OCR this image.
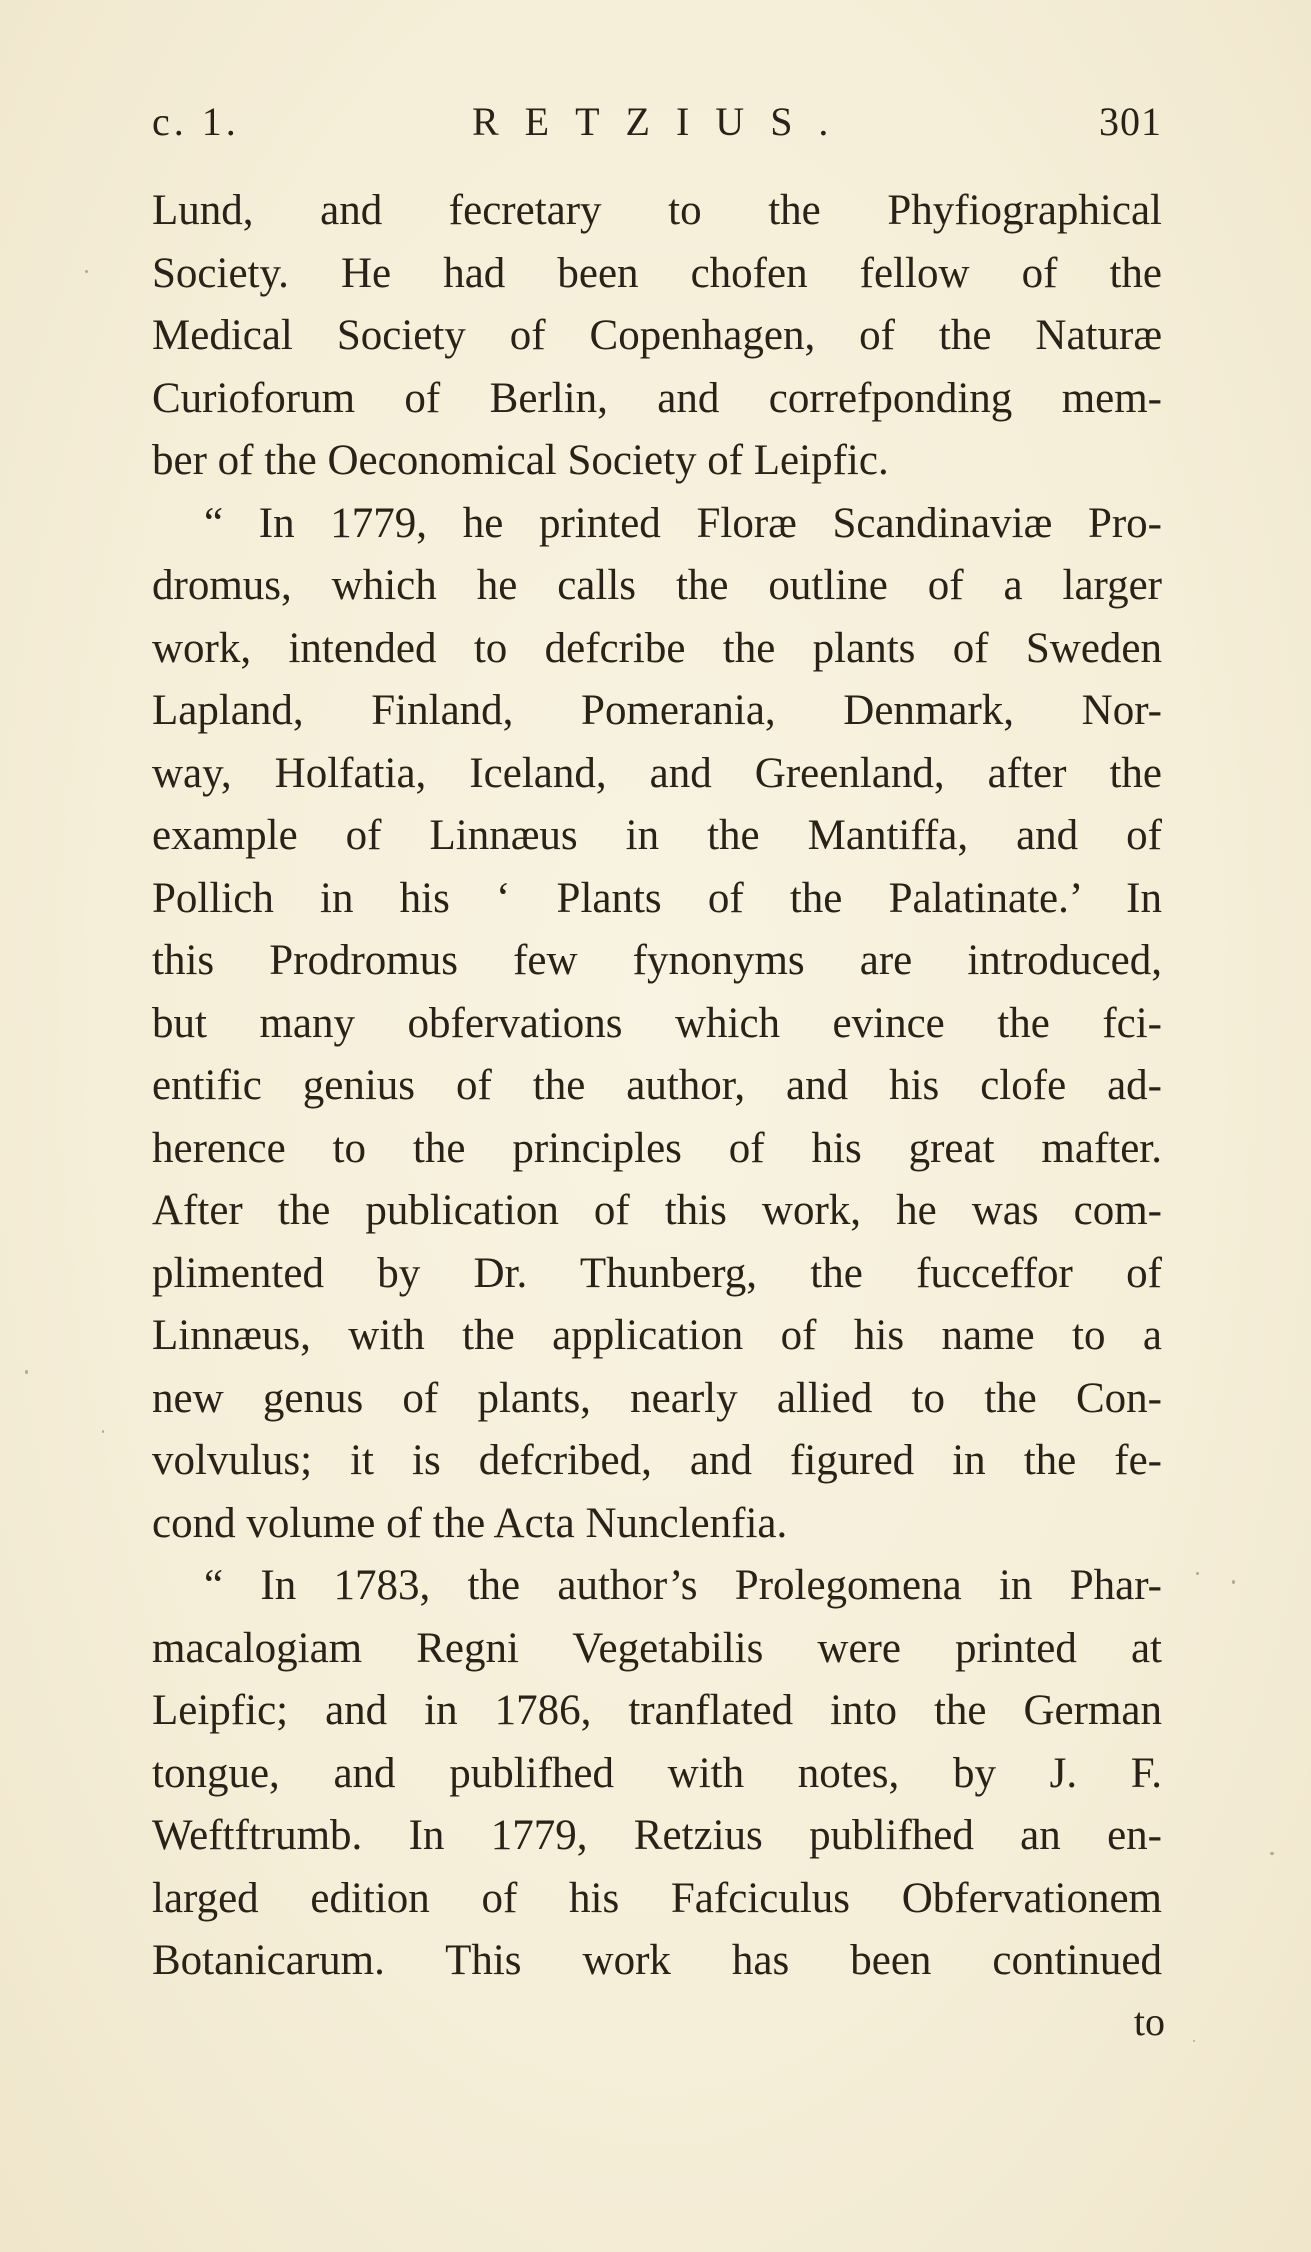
c. 1.	RETZIUS.	301
Lund, and fecretary to the Phyfiographical
Society. He had been chofen fellow of the
Medical Society of Copenhagen, of the Naturæ
Curioforum of Berlin, and correfponding mem-
ber of the Oeconomical Society of Leipfic.
“ In 1779, he printed Floræ Scandinaviæ Pro-
dromus, which he calls the outline of a larger
work, intended to defcribe the plants of Sweden
Lapland, Finland, Pomerania, Denmark, Nor-
way, Holfatia, Iceland, and Greenland, after the
example of Linnæus in the Mantiffa, and of
Pollich in his ‘ Plants of the Palatinate.’ In
this Prodromus few fynonyms are introduced,
but many obfervations which evince the fci-
entific genius of the author, and his clofe ad-
herence to the principles of his great mafter.
After the publication of this work, he was com-
plimented by Dr. Thunberg, the fucceffor of
Linnæus, with the application of his name to a
new genus of plants, nearly allied to the Con-
volvulus; it is defcribed, and figured in the fe-
cond volume of the Acta Nunclenfia.
“ In 1783, the author’s Prolegomena in Phar-
macalogiam Regni Vegetabilis were printed at
Leipfic; and in 1786, tranflated into the German
tongue, and publifhed with notes, by J. F.
Weftftrumb. In 1779, Retzius publifhed an en-
larged edition of his Fafciculus Obfervationem
Botanicarum. This work has been continued
to
